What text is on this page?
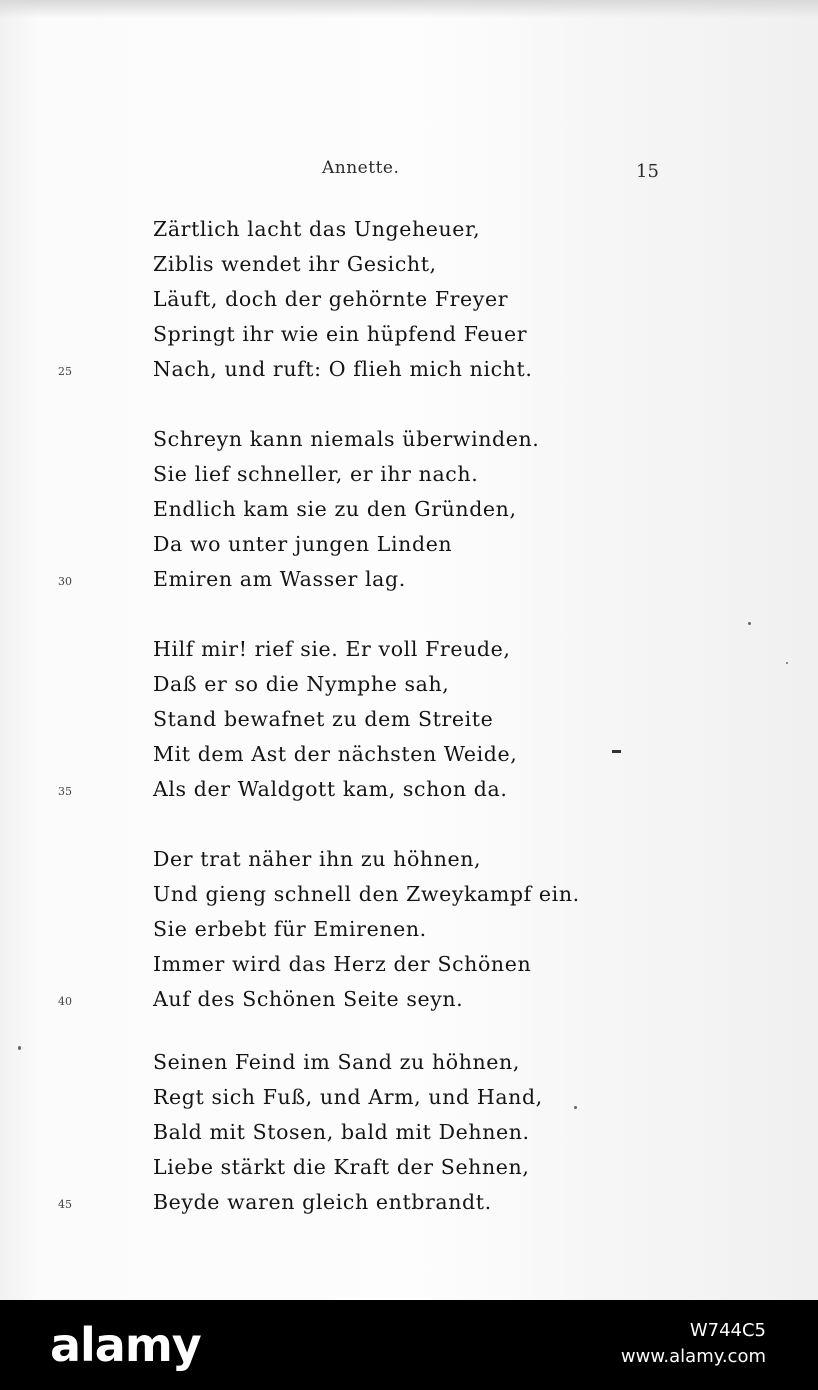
Annette.	15
Zärtlich lacht das Ungeheuer,
Ziblis wendet ihr Gesicht,
Läuft, doch der gehörnte Freyer
Springt ihr wie ein hüpfend Feuer
Nach, und ruft: O flieh mich nicht.
25
Schreyn kann niemals überwinden.
Sie lief schneller, er ihr nach.
Endlich kam sie zu den Gründen,
Da wo unter jungen Linden
Emiren am Wasser lag.
30
Hilf mir! rief sie. Er voll Freude,
Daß er so die Nymphe sah,
Stand bewafnet zu dem Streite
Mit dem Ast der nächsten Weide,
Als der Waldgott kam, schon da.
35
Der trat näher ihn zu höhnen,
Und gieng schnell den Zweykampf ein.
Sie erbebt für Emirenen.
Immer wird das Herz der Schönen
Auf des Schönen Seite seyn.
40
Seinen Feind im Sand zu höhnen,
Regt sich Fuß, und Arm, und Hand,
Bald mit Stosen, bald mit Dehnen.
Liebe stärkt die Kraft der Sehnen,
Beyde waren gleich entbrandt.
45
alamy	W744C5
www.alamy.com
